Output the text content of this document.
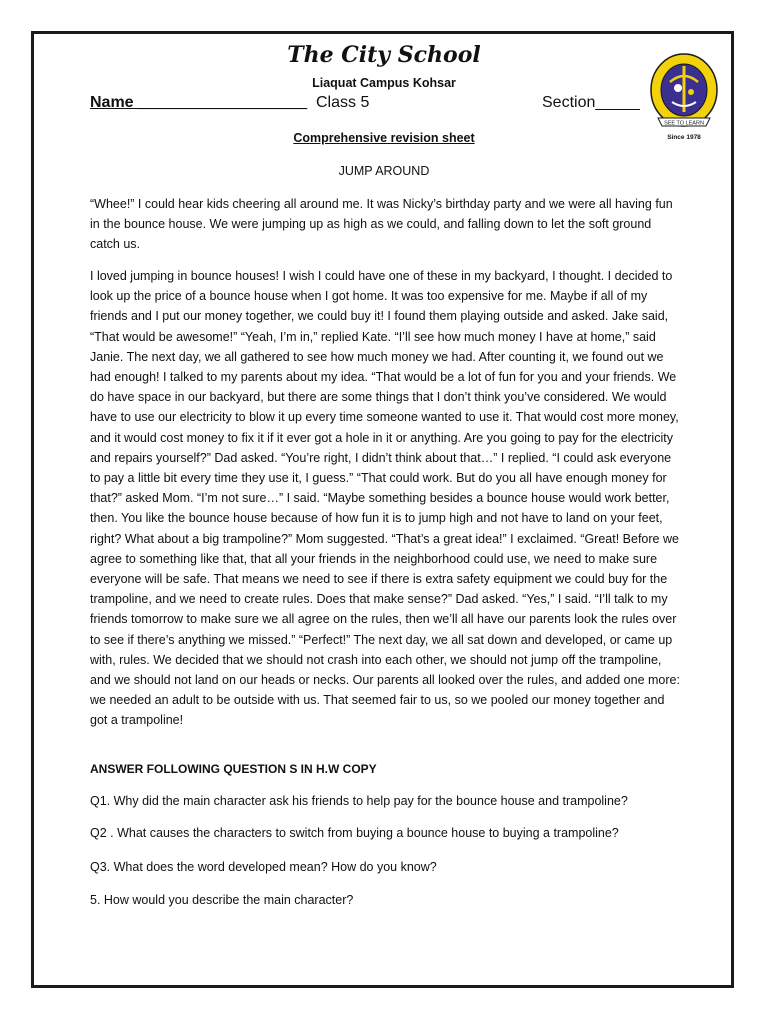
The City School
Liaquat Campus Kohsar
Name ___________________ Class 5	Section_____
SEE TO LEARN
Since 1978
Comprehensive revision sheet
JUMP AROUND

“Whee!” I could hear kids cheering all around me. It was Nicky’s birthday party and we were all having fun in the bounce house. We were jumping up as high as we could, and falling down to let the soft ground catch us.

I loved jumping in bounce houses! I wish I could have one of these in my backyard, I thought. I decided to look up the price of a bounce house when I got home. It was too expensive for me. Maybe if all of my friends and I put our money together, we could buy it! I found them playing outside and asked. Jake said, “That would be awesome!” “Yeah, I’m in,” replied Kate. “I’ll see how much money I have at home,” said Janie. The next day, we all gathered to see how much money we had. After counting it, we found out we had enough! I talked to my parents about my idea. “That would be a lot of fun for you and your friends. We do have space in our backyard, but there are some things that I don’t think you’ve considered. We would have to use our electricity to blow it up every time someone wanted to use it. That would cost more money, and it would cost money to fix it if it ever got a hole in it or anything. Are you going to pay for the electricity and repairs yourself?” Dad asked. “You’re right, I didn’t think about that…” I replied. “I could ask everyone to pay a little bit every time they use it, I guess.” “That could work. But do you all have enough money for that?” asked Mom. “I’m not sure…” I said. “Maybe something besides a bounce house would work better, then. You like the bounce house because of how fun it is to jump high and not have to land on your feet, right? What about a big trampoline?” Mom suggested. “That’s a great idea!” I exclaimed. “Great! Before we agree to something like that, that all your friends in the neighborhood could use, we need to make sure everyone will be safe. That means we need to see if there is extra safety equipment we could buy for the trampoline, and we need to create rules. Does that make sense?” Dad asked. “Yes,” I said. “I’ll talk to my friends tomorrow to make sure we all agree on the rules, then we’ll all have our parents look the rules over to see if there’s anything we missed.” “Perfect!” The next day, we all sat down and developed, or came up with, rules. We decided that we should not crash into each other, we should not jump off the trampoline, and we should not land on our heads or necks. Our parents all looked over the rules, and added one more: we needed an adult to be outside with us. That seemed fair to us, so we pooled our money together and got a trampoline!

ANSWER FOLLOWING QUESTION S IN H.W COPY
Q1. Why did the main character ask his friends to help pay for the bounce house and trampoline?
Q2 . What causes the characters to switch from buying a bounce house to buying a trampoline?
Q3. What does the word developed mean? How do you know?
5. How would you describe the main character?
